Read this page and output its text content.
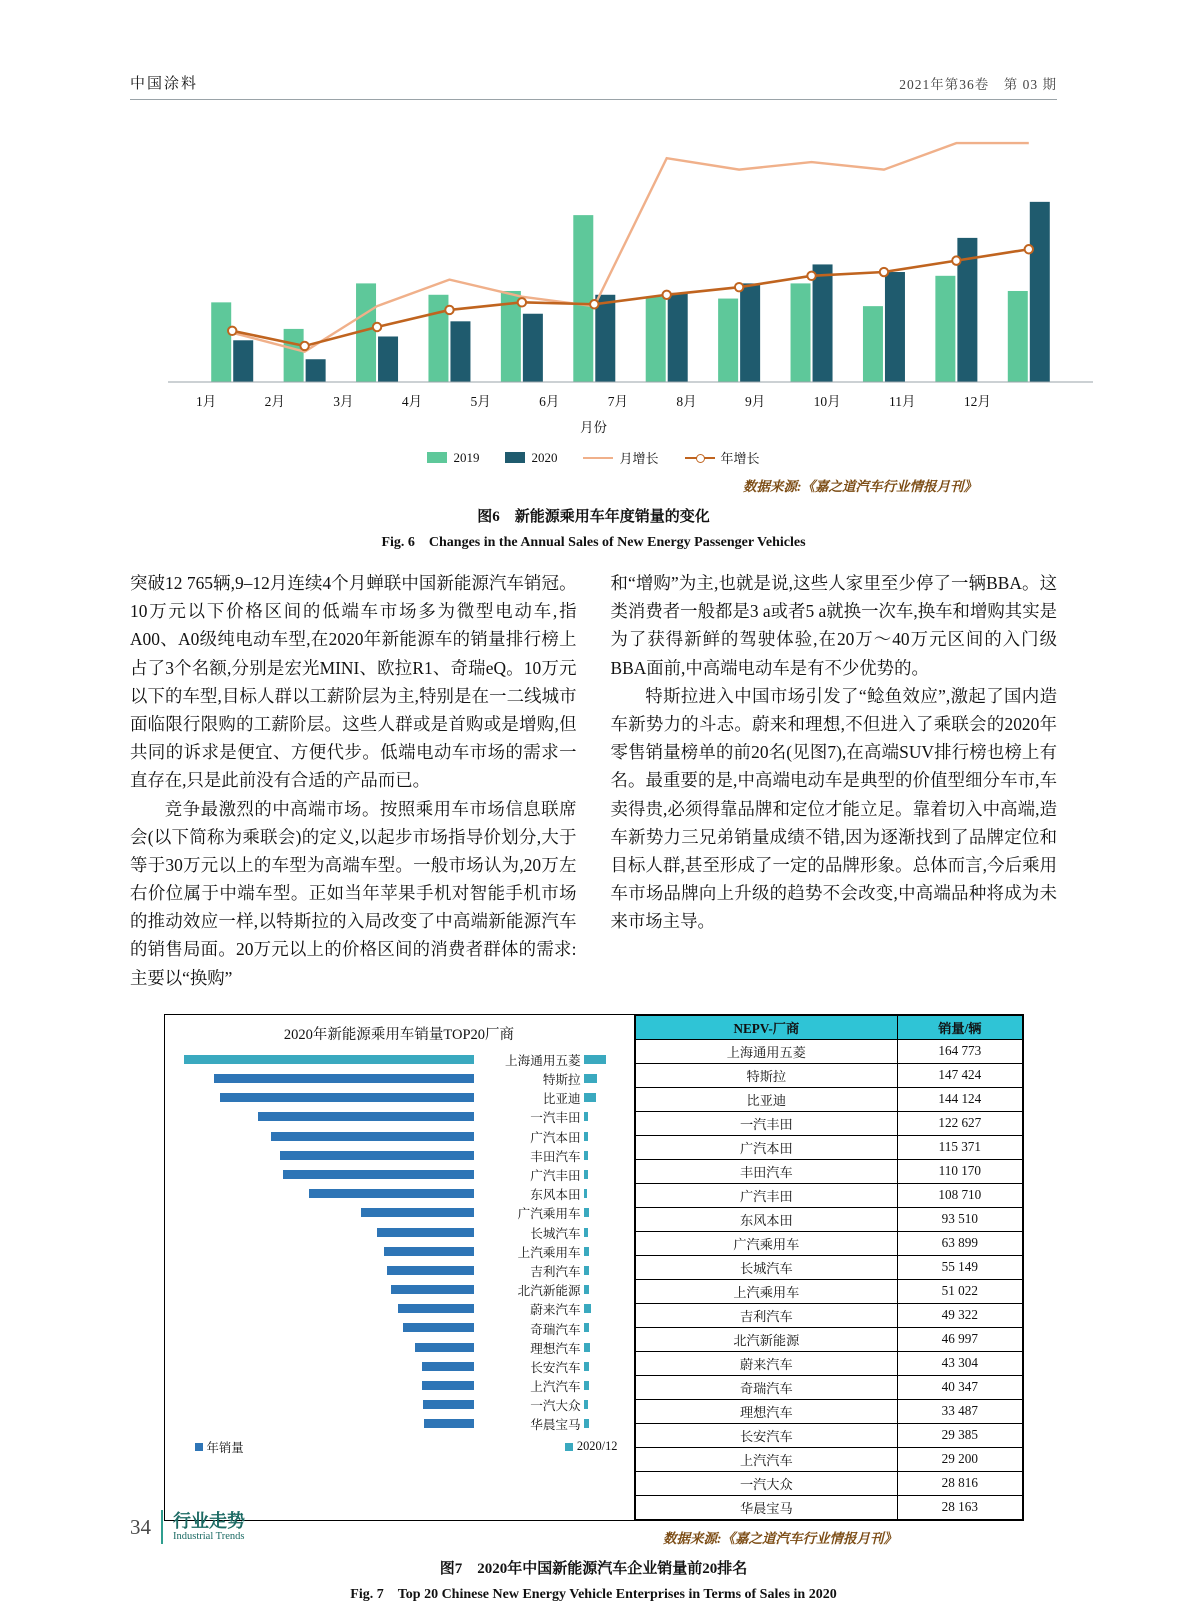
中国涂料	2021年第36卷　第 03 期
1月	2月	3月	4月	5月	6月	7月	8月	9月	10月	11月	12月
月份
2019	2020	月增长	年增长
数据来源:《嘉之道汽车行业情报月刊》
图6　新能源乘用车年度销量的变化
Fig. 6　Changes in the Annual Sales of New Energy Passenger Vehicles

突破12 765辆,9–12月连续4个月蝉联中国新能源汽车销冠。10万元以下价格区间的低端车市场多为微型电动车,指A00、A0级纯电动车型,在2020年新能源车的销量排行榜上占了3个名额,分别是宏光MINI、欧拉R1、奇瑞eQ。10万元以下的车型,目标人群以工薪阶层为主,特别是在一二线城市面临限行限购的工薪阶层。这些人群或是首购或是增购,但共同的诉求是便宜、方便代步。低端电动车市场的需求一直存在,只是此前没有合适的产品而已。

竞争最激烈的中高端市场。按照乘用车市场信息联席会(以下简称为乘联会)的定义,以起步市场指导价划分,大于等于30万元以上的车型为高端车型。一般市场认为,20万左右价位属于中端车型。正如当年苹果手机对智能手机市场的推动效应一样,以特斯拉的入局改变了中高端新能源汽车的销售局面。20万元以上的价格区间的消费者群体的需求:主要以“换购”

和“增购”为主,也就是说,这些人家里至少停了一辆BBA。这类消费者一般都是3 a或者5 a就换一次车,换车和增购其实是为了获得新鲜的驾驶体验,在20万～40万元区间的入门级BBA面前,中高端电动车是有不少优势的。

特斯拉进入中国市场引发了“鲶鱼效应”,激起了国内造车新势力的斗志。蔚来和理想,不但进入了乘联会的2020年零售销量榜单的前20名(见图7),在高端SUV排行榜也榜上有名。最重要的是,中高端电动车是典型的价值型细分车市,车卖得贵,必须得靠品牌和定位才能立足。靠着切入中高端,造车新势力三兄弟销量成绩不错,因为逐渐找到了品牌定位和目标人群,甚至形成了一定的品牌形象。总体而言,今后乘用车市场品牌向上升级的趋势不会改变,中高端品种将成为未来市场主导。

2020年新能源乘用车销量TOP20厂商
上海通用五菱
特斯拉
比亚迪
一汽丰田
广汽本田
丰田汽车
广汽丰田
东风本田
广汽乘用车
长城汽车
上汽乘用车
吉利汽车
北汽新能源
蔚来汽车
奇瑞汽车
理想汽车
长安汽车
上汽汽车
一汽大众
华晨宝马
年销量	2020/12
NEPV-厂商	销量/辆
上海通用五菱	164 773
特斯拉	147 424
比亚迪	144 124
一汽丰田	122 627
广汽本田	115 371
丰田汽车	110 170
广汽丰田	108 710
东风本田	93 510
广汽乘用车	63 899
长城汽车	55 149
上汽乘用车	51 022
吉利汽车	49 322
北汽新能源	46 997
蔚来汽车	43 304
奇瑞汽车	40 347
理想汽车	33 487
长安汽车	29 385
上汽汽车	29 200
一汽大众	28 816
华晨宝马	28 163
数据来源:《嘉之道汽车行业情报月刊》
图7　2020年中国新能源汽车企业销量前20排名
Fig. 7　Top 20 Chinese New Energy Vehicle Enterprises in Terms of Sales in 2020
34 行业走势
Industrial Trends
